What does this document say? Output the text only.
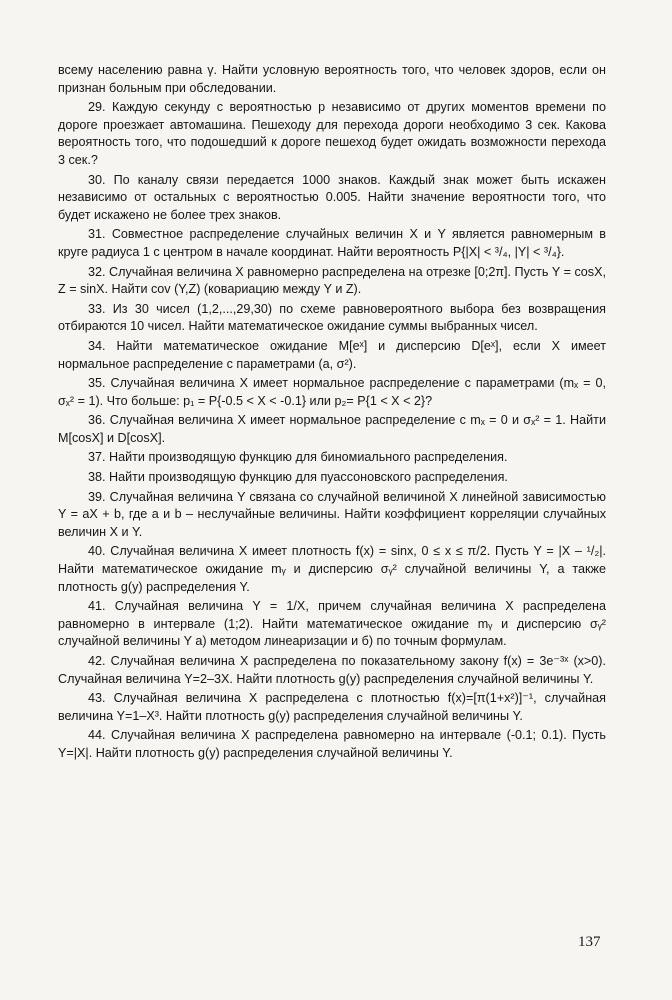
всему населению равна γ. Найти условную вероятность того, что человек здоров, если он признан больным при обследовании.

29. Каждую секунду с вероятностью p независимо от других моментов времени по дороге проезжает автомашина. Пешеходу для перехода дороги необходимо 3 сек. Какова вероятность того, что подошедший к дороге пешеход будет ожидать возможности перехода 3 сек.?

30. По каналу связи передается 1000 знаков. Каждый знак может быть искажен независимо от остальных с вероятностью 0.005. Найти значение вероятности того, что будет искажено не более трех знаков.

31. Совместное распределение случайных величин X и Y является равномерным в круге радиуса 1 с центром в начале координат. Найти вероятность P{|X| < ³/₄, |Y| < ³/₄}.

32. Случайная величина X равномерно распределена на отрезке [0;2π]. Пусть Y = cosX, Z = sinX. Найти cov (Y,Z) (ковариацию между Y и Z).

33. Из 30 чисел (1,2,...,29,30) по схеме равновероятного выбора без возвращения отбираются 10 чисел. Найти математическое ожидание суммы выбранных чисел.

34. Найти математическое ожидание M[eˣ] и дисперсию D[eˣ], если X имеет нормальное распределение с параметрами (a, σ²).

35. Случайная величина X имеет нормальное распределение с параметрами (mₓ = 0, σₓ² = 1). Что больше: p₁ = P{-0.5 < X < -0.1} или p₂= P{1 < X < 2}?

36. Случайная величина X имеет нормальное распределение с mₓ = 0 и σₓ² = 1. Найти M[cosX] и D[cosX].

37. Найти производящую функцию для биномиального распределения.

38. Найти производящую функцию для пуассоновского распределения.

39. Случайная величина Y связана со случайной величиной X линейной зависимостью Y = aX + b, где a и b – неслучайные величины. Найти коэффициент корреляции случайных величин X и Y.

40. Случайная величина X имеет плотность f(x) = sinx, 0 ≤ x ≤ π/2. Пусть Y = |X – ¹/₂|. Найти математическое ожидание mᵧ и дисперсию σᵧ² случайной величины Y, а также плотность g(y) распределения Y.

41. Случайная величина Y = 1/X, причем случайная величина X распределена равномерно в интервале (1;2). Найти математическое ожидание mᵧ и дисперсию σᵧ² случайной величины Y а) методом линеаризации и б) по точным формулам.

42. Случайная величина X распределена по показательному закону f(x) = 3e⁻³ˣ (x>0). Случайная величина Y=2–3X. Найти плотность g(y) распределения случайной величины Y.

43. Случайная величина X распределена с плотностью f(x)=[π(1+x²)]⁻¹, случайная величина Y=1–X³. Найти плотность g(y) распределения случайной величины Y.

44. Случайная величина X распределена равномерно на интервале (-0.1; 0.1). Пусть Y=|X|. Найти плотность g(y) распределения случайной величины Y.

137
